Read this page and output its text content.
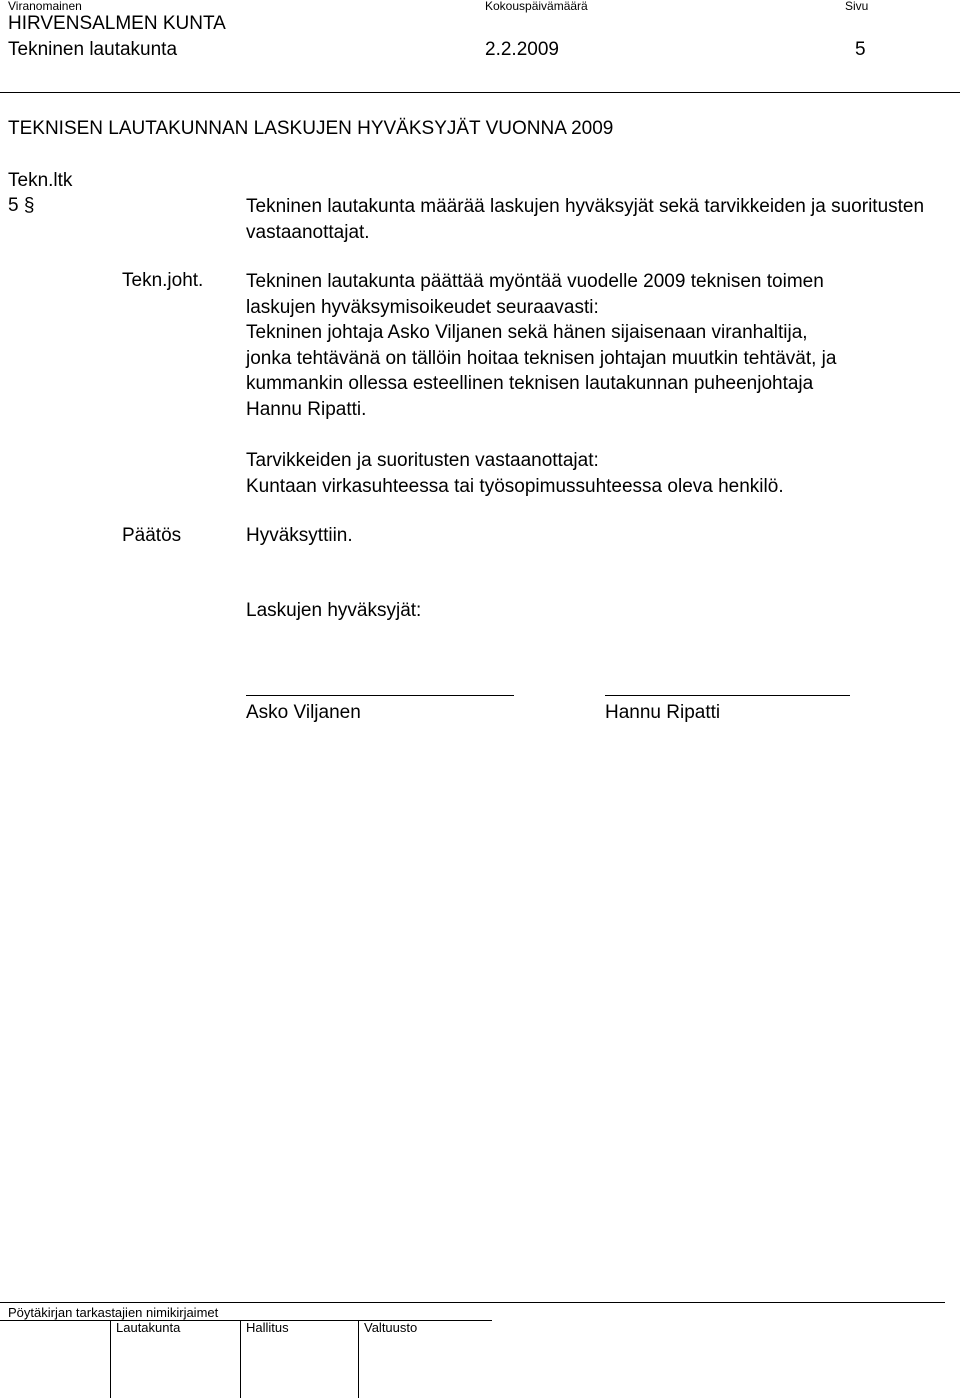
Viranomainen	Kokouspäivämäärä	Sivu
HIRVENSALMEN KUNTA
Tekninen lautakunta	2.2.2009	5
TEKNISEN LAUTAKUNNAN LASKUJEN HYVÄKSYJÄT VUONNA 2009
Tekn.ltk
5 §	Tekninen lautakunta määrää laskujen hyväksyjät sekä tarvikkeiden ja suoritusten vastaanottajat.
Tekn.joht. Tekninen lautakunta päättää myöntää vuodelle 2009 teknisen toimen
laskujen hyväksymisoikeudet seuraavasti:
Tekninen johtaja Asko Viljanen sekä hänen sijaisenaan viranhaltija,
jonka tehtävänä on tällöin hoitaa teknisen johtajan muutkin tehtävät, ja
kummankin ollessa esteellinen teknisen lautakunnan puheenjohtaja
Hannu Ripatti.
Tarvikkeiden ja suoritusten vastaanottajat:
Kuntaan virkasuhteessa tai työsopimussuhteessa oleva henkilö.
Päätös	Hyväksyttiin.
Laskujen hyväksyjät:
Asko Viljanen	Hannu Ripatti
Pöytäkirjan tarkastajien nimikirjaimet
Lautakunta	Hallitus	Valtuusto
